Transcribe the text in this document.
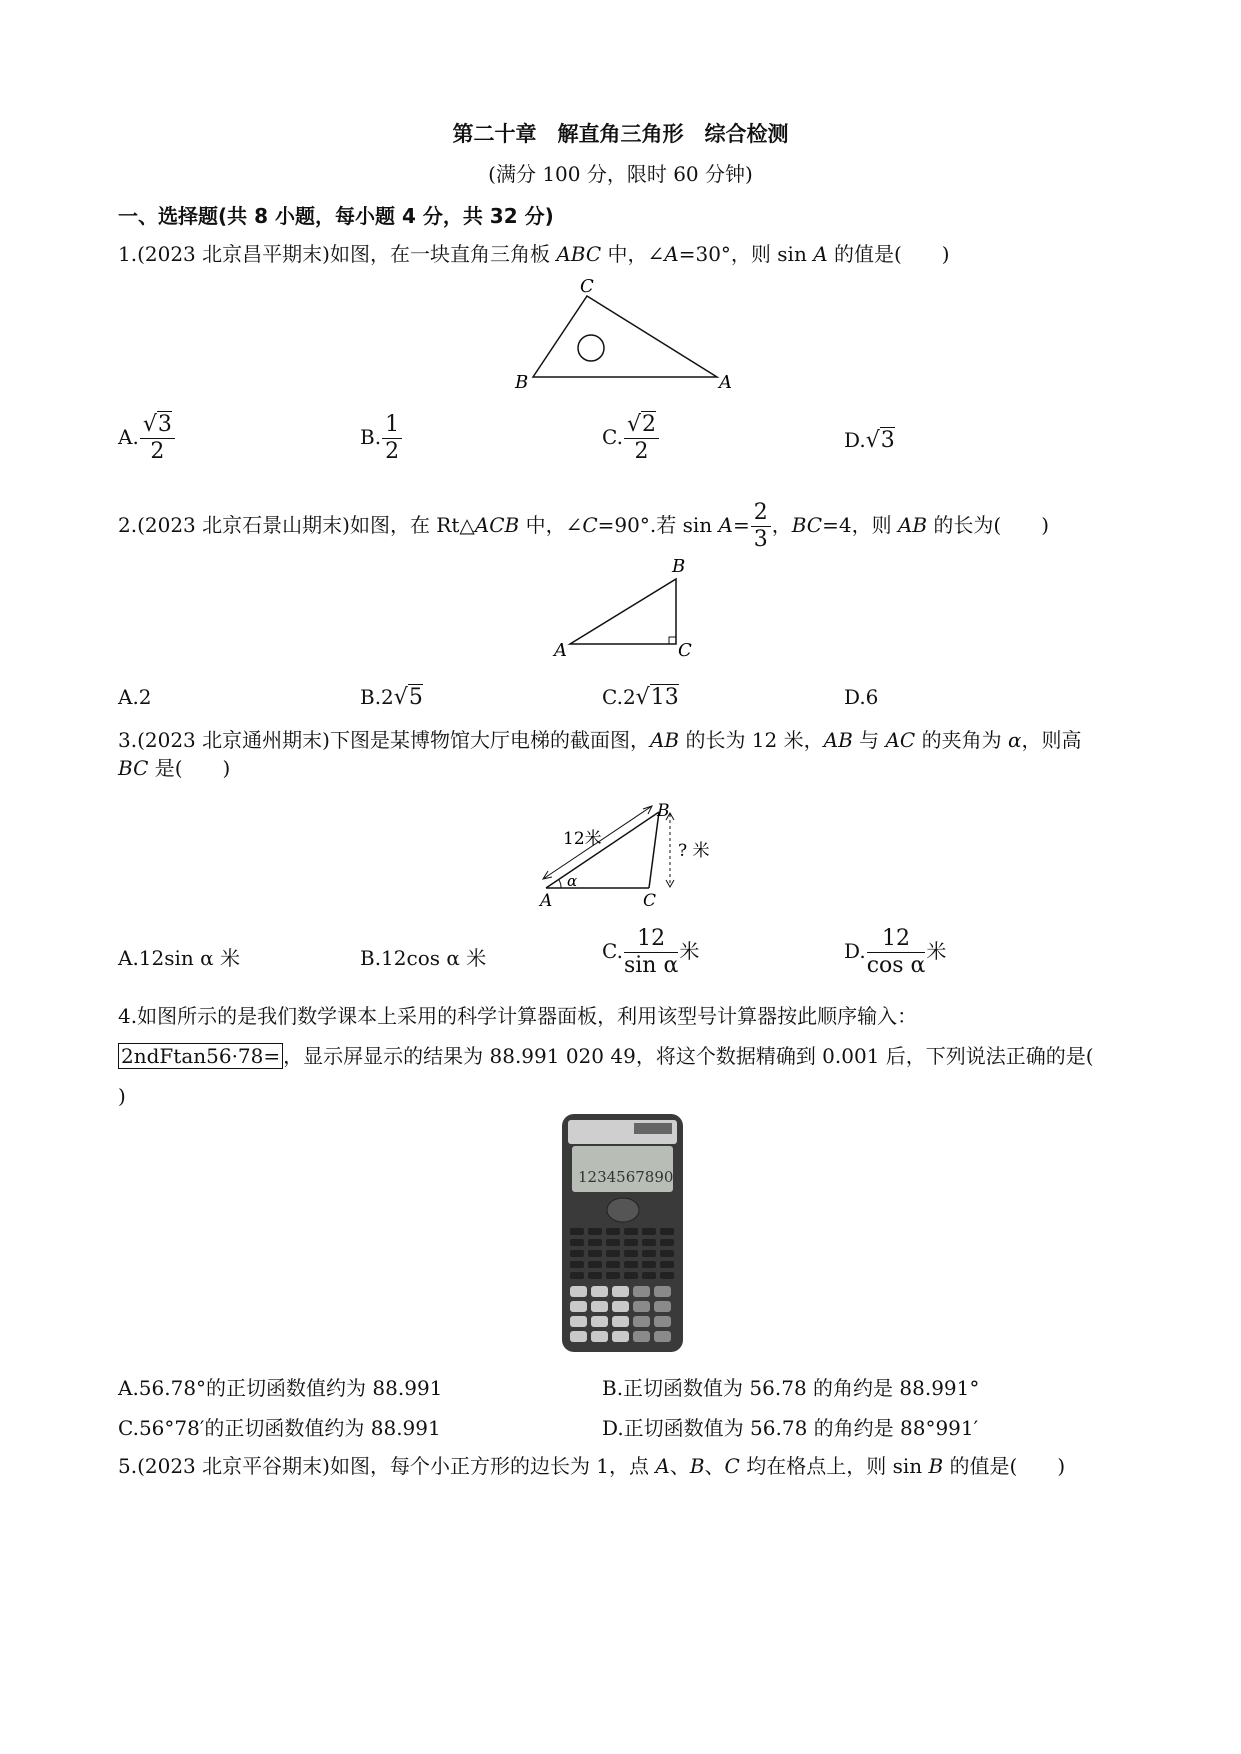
第二十章　解直角三角形　综合检测
(满分 100 分，限时 60 分钟)
一、选择题(共 8 小题，每小题 4 分，共 32 分)
1.(2023 北京昌平期末)如图，在一块直角三角板 ABC 中，∠A=30°，则 sin A 的值是(　　)
C
B	A
A. $\frac{√3}{2}$	B. $\frac{1}{2}$	C. $\frac{√2}{2}$	D.√3
2.(2023 北京石景山期末)如图，在 Rt△ACB 中，∠C=90°.若 $\sin A= \frac{2}{3}$ ，BC=4，则 AB 的长为(　　)
B
A	C
A.2	B.2√5	C.2√13	D.6
3.(2023 北京通州期末)下图是某博物馆大厅电梯的截面图，AB 的长为 12 米，AB 与 AC 的夹角为 α，则高
BC 是(　　)
12米
? 米
α
A
B
C
A.12sin α 米	B.12cos α 米	C. $\frac{12}{\text{sin α}}$ 米	D. $\frac{12}{\text{cos α}}$ 米
4.如图所示的是我们数学课本上采用的科学计算器面板，利用该型号计算器按此顺序输入：
2ndFtan56·78= ，显示屏显示的结果为 88.991 020 49，将这个数据精确到 0.001 后，下列说法正确的是(
)
1234567890
A.56.78°的正切函数值约为 88.991	B.正切函数值为 56.78 的角约是 88.991°
C.56°78′的正切函数值约为 88.991	D.正切函数值为 56.78 的角约是 88°991′
5.(2023 北京平谷期末)如图，每个小正方形的边长为 1，点 A、B、C 均在格点上，则 sin B 的值是(　　)
